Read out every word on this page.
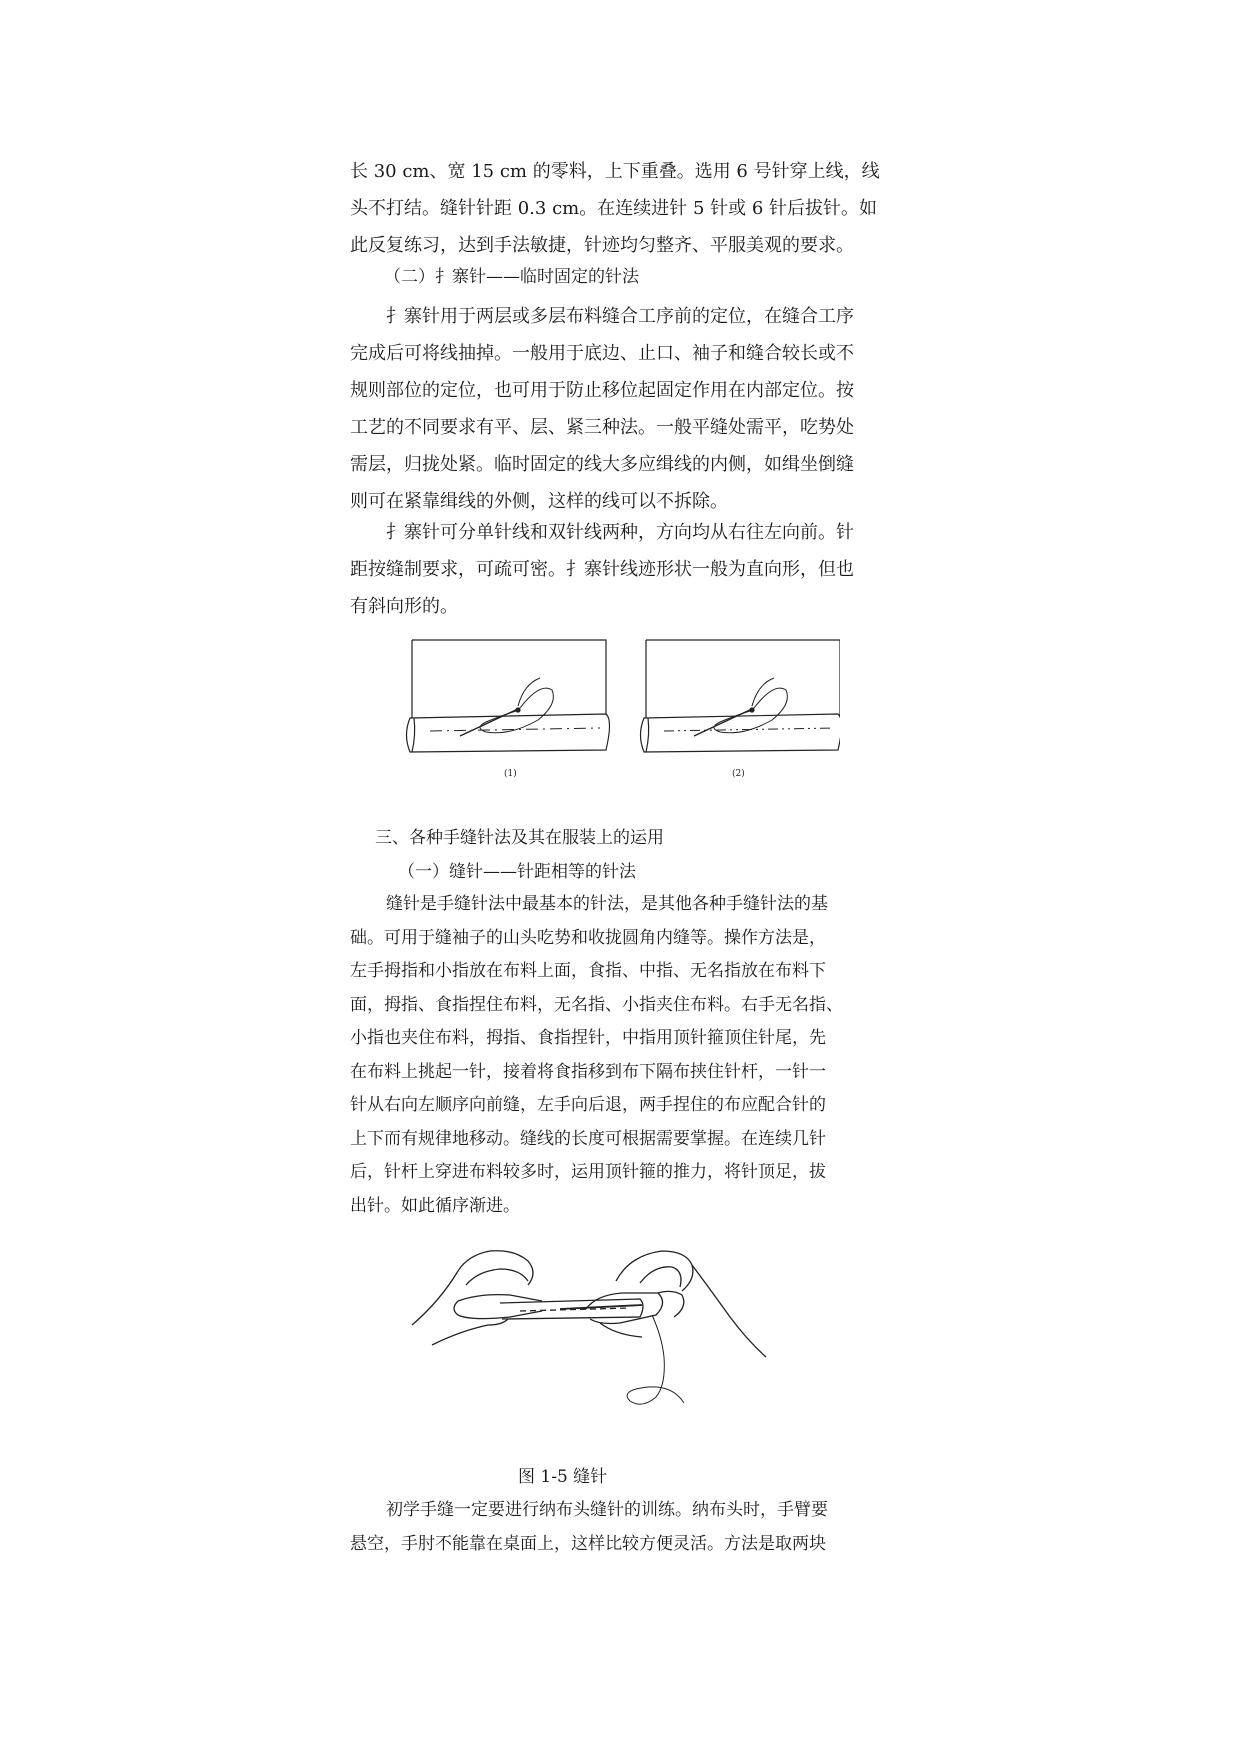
长 30 cm、宽 15 cm 的零料，上下重叠。选用 6 号针穿上线，线
头不打结。缝针针距 0.3 cm。在连续进针 5 针或 6 针后拔针。如
此反复练习，达到手法敏捷，针迹均匀整齐、平服美观的要求。

（二）扌寨针——临时固定的针法

扌寨针用于两层或多层布料缝合工序前的定位，在缝合工序
完成后可将线抽掉。一般用于底边、止口、袖子和缝合较长或不
规则部位的定位，也可用于防止移位起固定作用在内部定位。按
工艺的不同要求有平、层、紧三种法。一般平缝处需平，吃势处
需层，归拢处紧。临时固定的线大多应缉线的内侧，如缉坐倒缝
则可在紧靠缉线的外侧，这样的线可以不拆除。
扌寨针可分单针线和双针线两种，方向均从右往左向前。针
距按缝制要求，可疏可密。扌寨针线迹形状一般为直向形，但也
有斜向形的。
(1)	(2)

三、各种手缝针法及其在服装上的运用

（一）缝针——针距相等的针法

缝针是手缝针法中最基本的针法，是其他各种手缝针法的基
础。可用于缝袖子的山头吃势和收拢圆角内缝等。操作方法是，
左手拇指和小指放在布料上面，食指、中指、无名指放在布料下
面，拇指、食指捏住布料，无名指、小指夹住布料。右手无名指、
小指也夹住布料，拇指、食指捏针，中指用顶针箍顶住针尾，先
在布料上挑起一针，接着将食指移到布下隔布挟住针杆，一针一
针从右向左顺序向前缝，左手向后退，两手捏住的布应配合针的
上下而有规律地移动。缝线的长度可根据需要掌握。在连续几针
后，针杆上穿进布料较多时，运用顶针箍的推力，将针顶足，拔
出针。如此循序渐进。

图 1-5 缝针

初学手缝一定要进行纳布头缝针的训练。纳布头时，手臂要
悬空，手肘不能靠在桌面上，这样比较方便灵活。方法是取两块
